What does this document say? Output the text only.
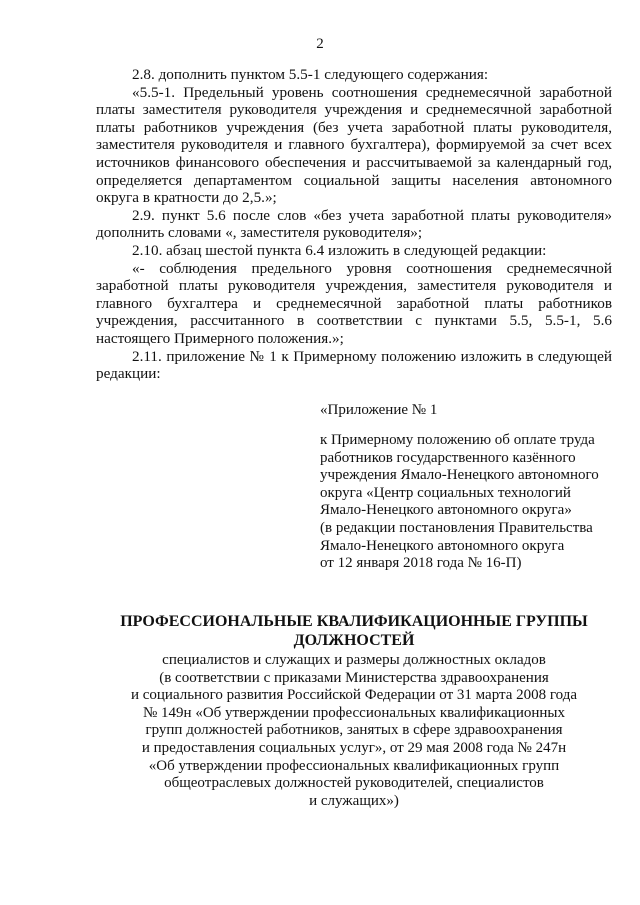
2

2.8. дополнить пунктом 5.5-1 следующего содержания:

«5.5-1. Предельный уровень соотношения среднемесячной заработной платы заместителя руководителя учреждения и среднемесячной заработной платы работников учреждения (без учета заработной платы руководителя, заместителя руководителя и главного бухгалтера), формируемой за счет всех источников финансового обеспечения и рассчитываемой за календарный год, определяется департаментом социальной защиты населения автономного округа в кратности до 2,5.»;

2.9. пункт 5.6 после слов «без учета заработной платы руководителя» дополнить словами «, заместителя руководителя»;

2.10. абзац шестой пункта 6.4 изложить в следующей редакции:

«- соблюдения предельного уровня соотношения среднемесячной заработной платы руководителя учреждения, заместителя руководителя и главного бухгалтера и среднемесячной заработной платы работников учреждения, рассчитанного в соответствии с пунктами 5.5, 5.5-1, 5.6 настоящего Примерного положения.»;

2.11. приложение № 1 к Примерному положению изложить в следующей редакции:

«Приложение № 1
к Примерному положению об оплате труда
работников государственного казённого
учреждения Ямало-Ненецкого автономного
округа «Центр социальных технологий
Ямало-Ненецкого автономного округа»
(в редакции постановления Правительства
Ямало-Ненецкого автономного округа
от 12 января 2018 года № 16-П)
ПРОФЕССИОНАЛЬНЫЕ КВАЛИФИКАЦИОННЫЕ ГРУППЫ ДОЛЖНОСТЕЙ
специалистов и служащих и размеры должностных окладов
(в соответствии с приказами Министерства здравоохранения
и социального развития Российской Федерации от 31 марта 2008 года
№ 149н «Об утверждении профессиональных квалификационных
групп должностей работников, занятых в сфере здравоохранения
и предоставления социальных услуг», от 29 мая 2008 года № 247н
«Об утверждении профессиональных квалификационных групп
общеотраслевых должностей руководителей, специалистов
и служащих»)
